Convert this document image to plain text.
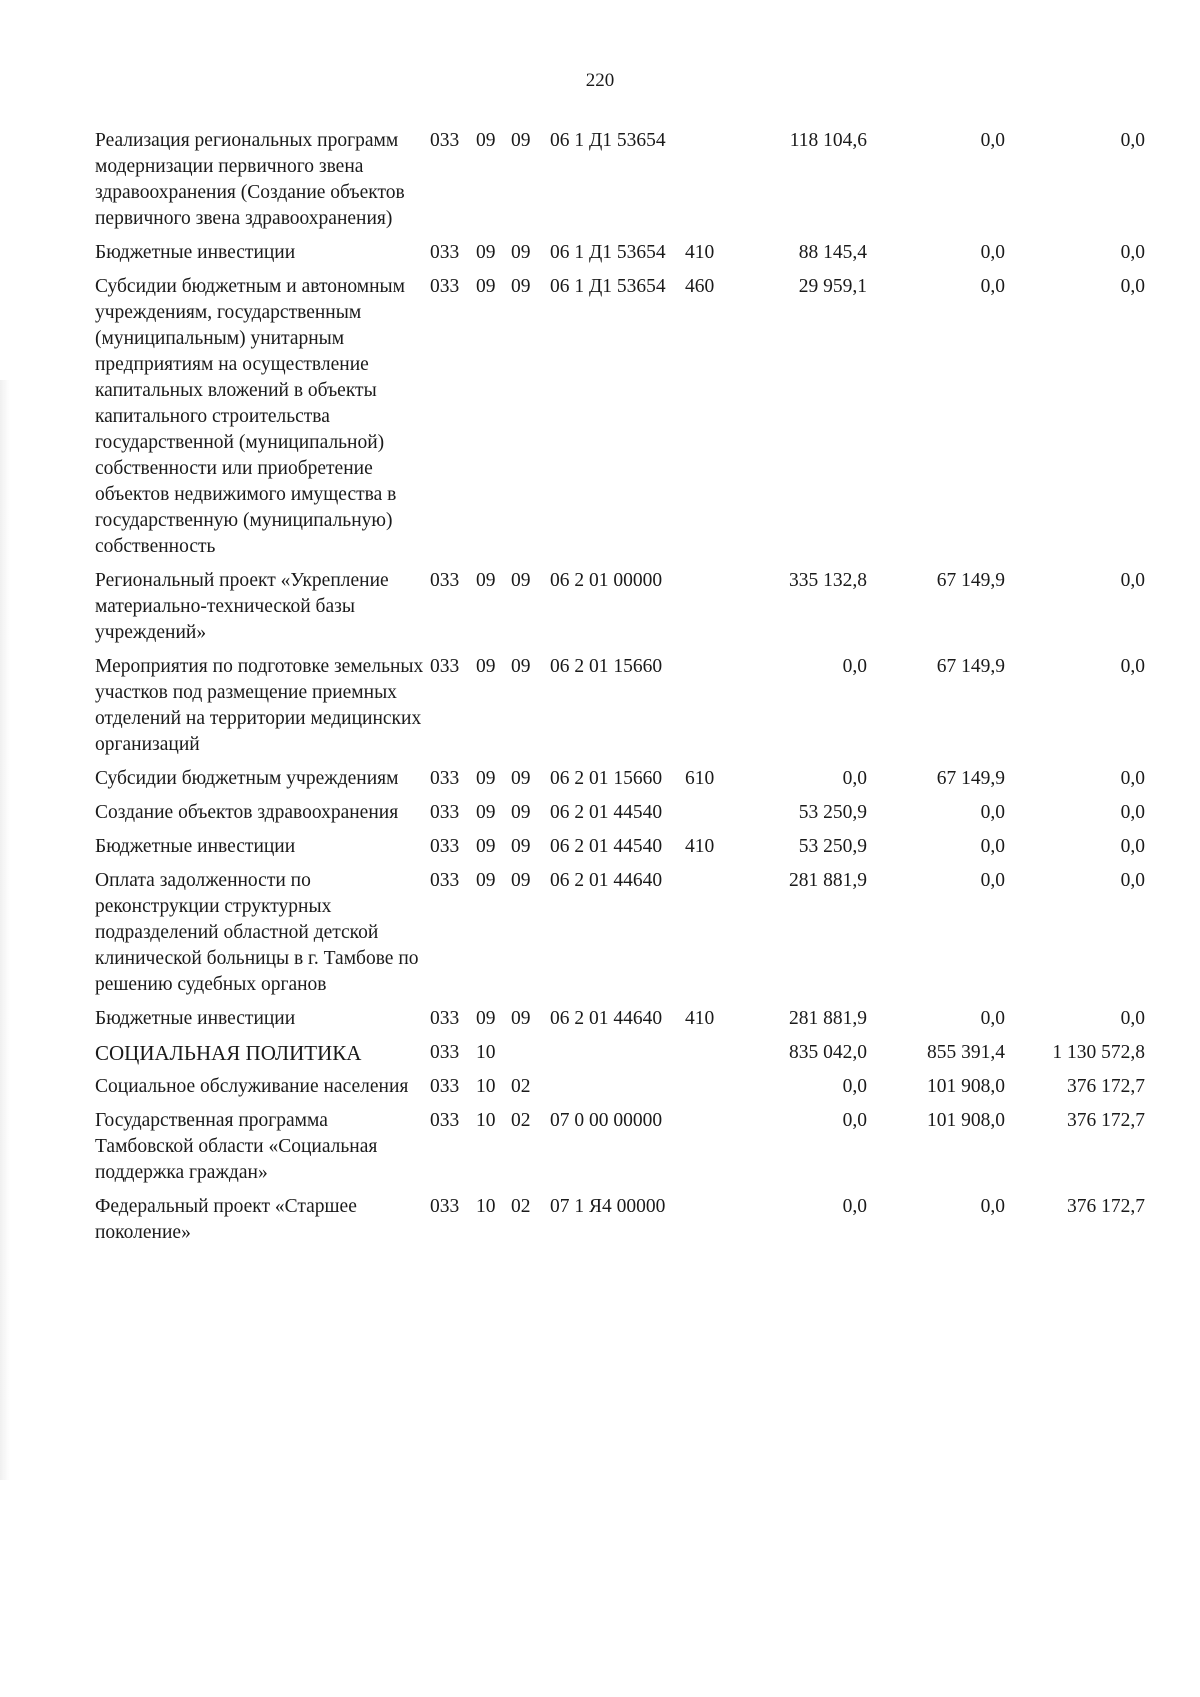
220
Реализация региональных программ модернизации первичного звена здравоохранения (Создание объектов первичного звена здравоохранения)	033	09	09	06 1 Д1 53654		118 104,6	0,0	0,0
Бюджетные инвестиции	033	09	09	06 1 Д1 53654	410	88 145,4	0,0	0,0
Субсидии бюджетным и автономным учреждениям, государственным (муниципальным) унитарным предприятиям на осуществление капитальных вложений в объекты капитального строительства государственной (муниципальной) собственности или приобретение объектов недвижимого имущества в государственную (муниципальную) собственность	033	09	09	06 1 Д1 53654	460	29 959,1	0,0	0,0
Региональный проект «Укрепление материально-технической базы учреждений»	033	09	09	06 2 01 00000		335 132,8	67 149,9	0,0
Мероприятия по подготовке земельных участков под размещение приемных отделений на территории медицинских организаций	033	09	09	06 2 01 15660		0,0	67 149,9	0,0
Субсидии бюджетным учреждениям	033	09	09	06 2 01 15660	610	0,0	67 149,9	0,0
Создание объектов здравоохранения	033	09	09	06 2 01 44540		53 250,9	0,0	0,0
Бюджетные инвестиции	033	09	09	06 2 01 44540	410	53 250,9	0,0	0,0
Оплата задолженности по реконструкции структурных подразделений областной детской клинической больницы в г. Тамбове по решению судебных органов	033	09	09	06 2 01 44640		281 881,9	0,0	0,0
Бюджетные инвестиции	033	09	09	06 2 01 44640	410	281 881,9	0,0	0,0
СОЦИАЛЬНАЯ ПОЛИТИКА	033	10				835 042,0	855 391,4	1 130 572,8
Социальное обслуживание населения	033	10	02			0,0	101 908,0	376 172,7
Государственная программа Тамбовской области «Социальная поддержка граждан»	033	10	02	07 0 00 00000		0,0	101 908,0	376 172,7
Федеральный проект «Старшее поколение»	033	10	02	07 1 Я4 00000		0,0	0,0	376 172,7
